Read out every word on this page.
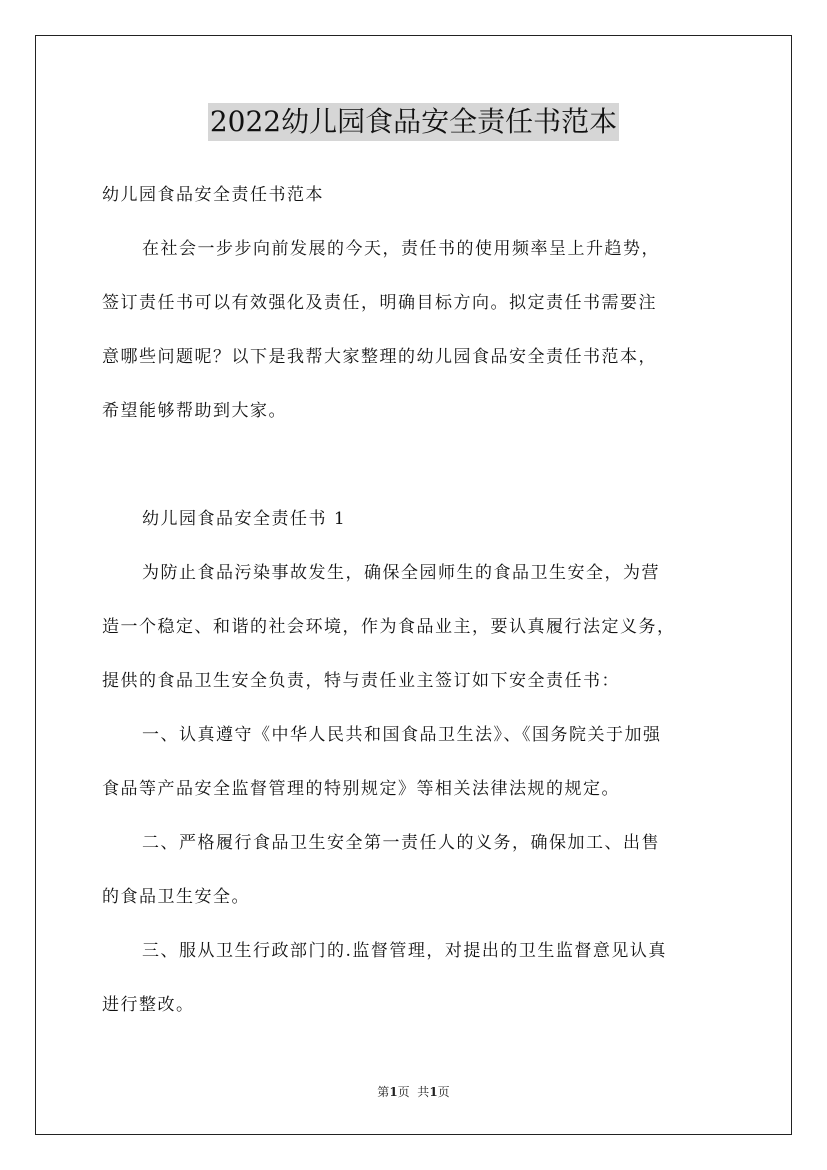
2022幼儿园食品安全责任书范本
幼儿园食品安全责任书范本
在社会一步步向前发展的今天，责任书的使用频率呈上升趋势，
签订责任书可以有效强化及责任，明确目标方向。拟定责任书需要注
意哪些问题呢？以下是我帮大家整理的幼儿园食品安全责任书范本，
希望能够帮助到大家。
幼儿园食品安全责任书 1
为防止食品污染事故发生，确保全园师生的食品卫生安全，为营
造一个稳定、和谐的社会环境，作为食品业主，要认真履行法定义务，
提供的食品卫生安全负责，特与责任业主签订如下安全责任书：
一、认真遵守《中华人民共和国食品卫生法》、《国务院关于加强
食品等产品安全监督管理的特别规定》等相关法律法规的规定。
二、严格履行食品卫生安全第一责任人的义务，确保加工、出售
的食品卫生安全。
三、服从卫生行政部门的.监督管理，对提出的卫生监督意见认真
进行整改。
第1页  共1页
